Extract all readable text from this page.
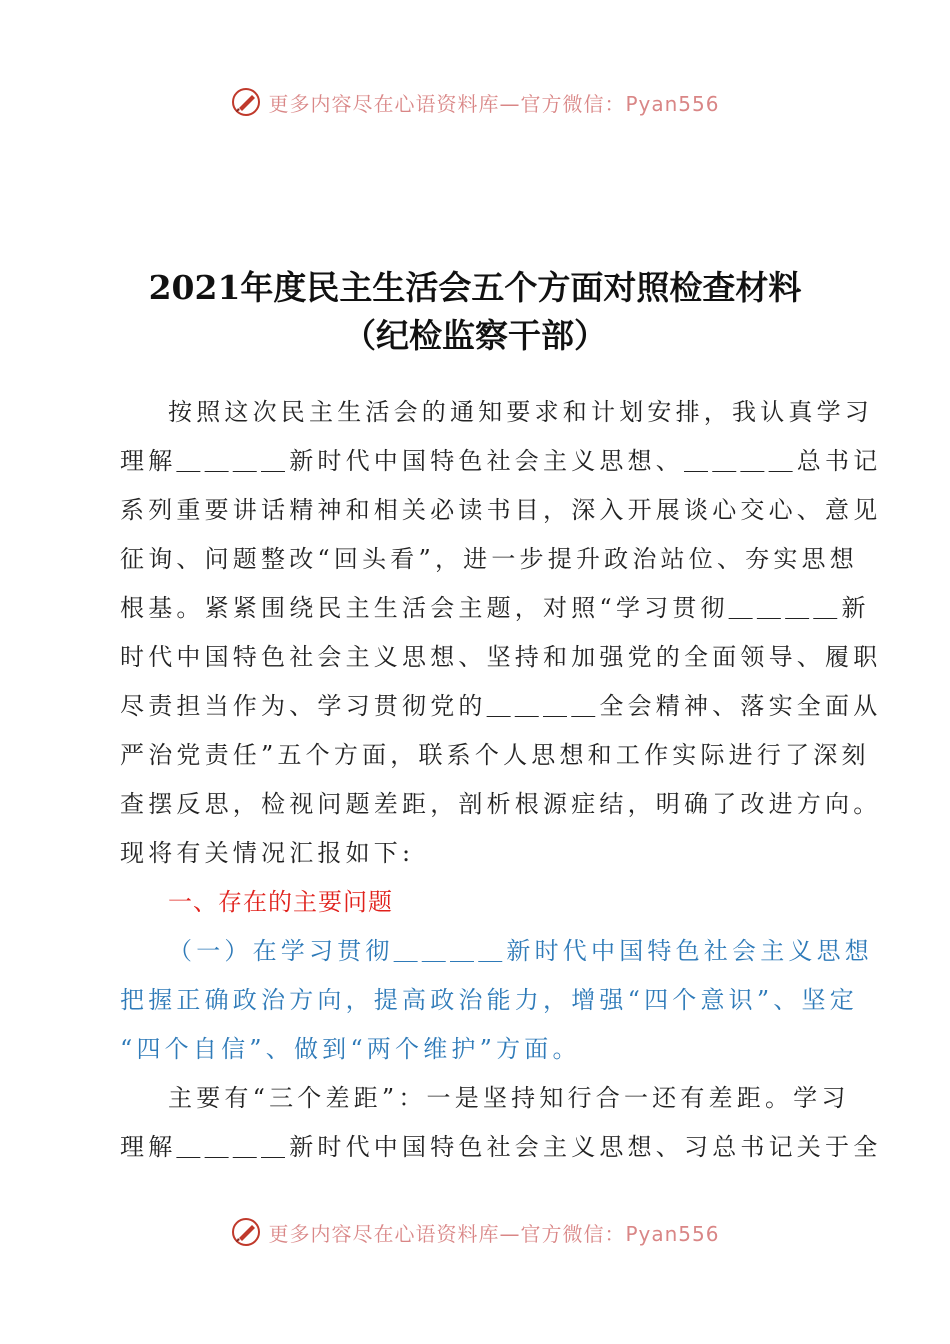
更多内容尽在心语资料库—官方微信：Pyan556
2021年度民主生活会五个方面对照检查材料
（纪检监察干部）
按照这次民主生活会的通知要求和计划安排，我认真学习
理解＿＿＿＿新时代中国特色社会主义思想、＿＿＿＿总书记
系列重要讲话精神和相关必读书目，深入开展谈心交心、意见
征询、问题整改“回头看”，进一步提升政治站位、夯实思想
根基。紧紧围绕民主生活会主题，对照“学习贯彻＿＿＿＿新
时代中国特色社会主义思想、坚持和加强党的全面领导、履职
尽责担当作为、学习贯彻党的＿＿＿＿全会精神、落实全面从
严治党责任”五个方面，联系个人思想和工作实际进行了深刻
查摆反思，检视问题差距，剖析根源症结，明确了改进方向。
现将有关情况汇报如下:
一、存在的主要问题
（一）在学习贯彻＿＿＿＿新时代中国特色社会主义思想
把握正确政治方向，提高政治能力，增强“四个意识”、坚定
“四个自信”、做到“两个维护”方面。
主要有“三个差距”：一是坚持知行合一还有差距。学习
理解＿＿＿＿新时代中国特色社会主义思想、习总书记关于全
更多内容尽在心语资料库—官方微信：Pyan556
